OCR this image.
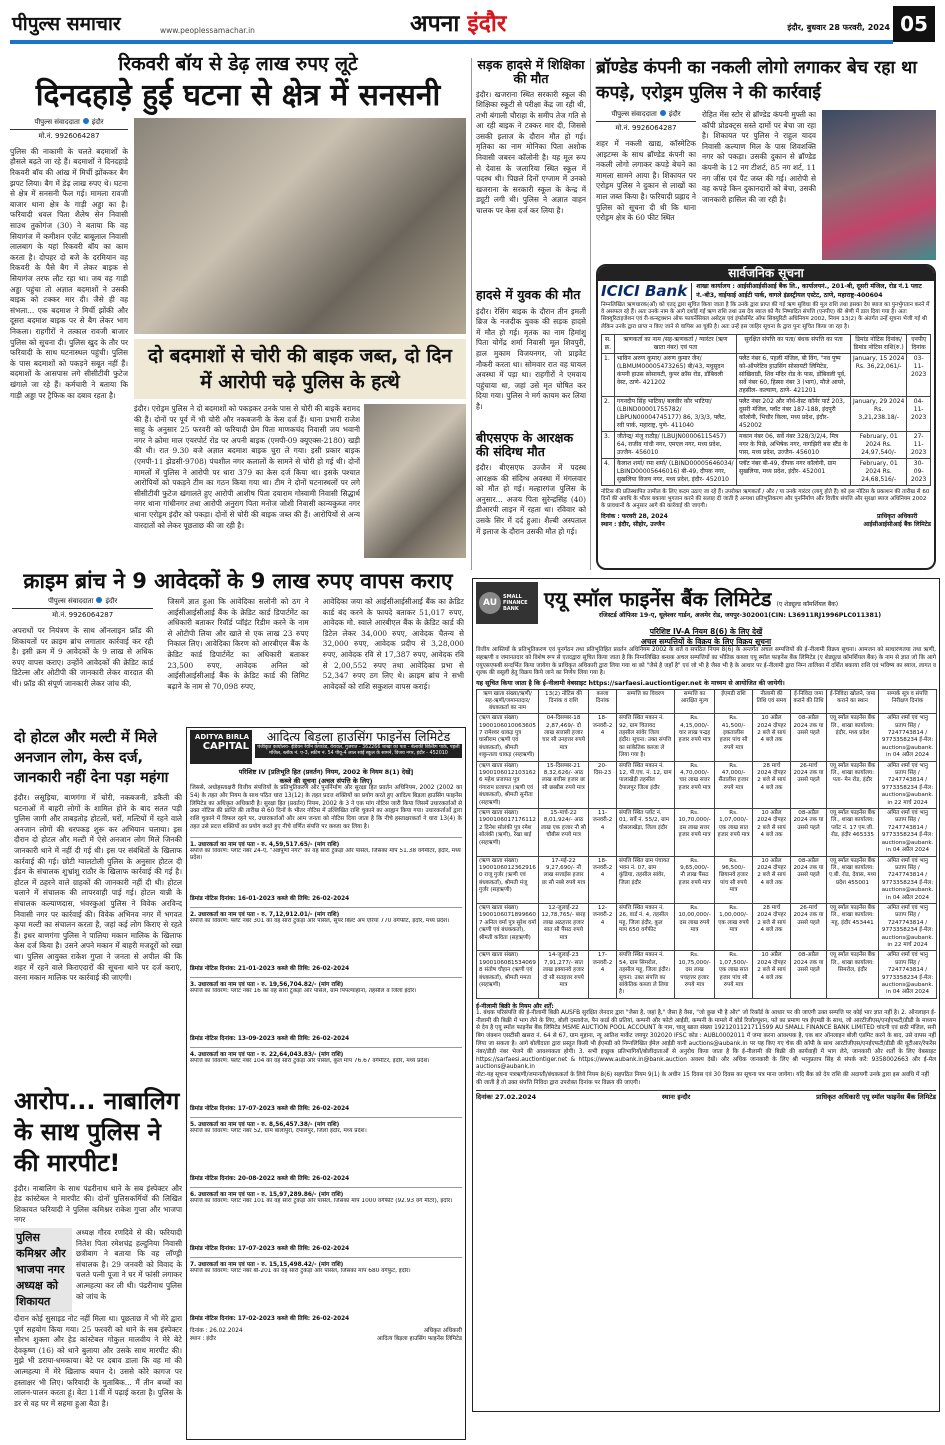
पीपुल्स समाचार	www.peoplessamachar.in	अपना इंदौर	इंदौर, बुधवार 28 फरवरी, 2024 05
रिकवरी बॉय से डेढ़ लाख रुपए लूटे
दिनदहाड़े हुई घटना से क्षेत्र में सनसनी
पीपुल्स संवाददाता इंदौर
मो.नं. 9926064287
पुलिस की नाकामी के चलते बदमाशों के हौसले बढ़ते जा रहे हैं। बदमाशों ने दिनदहाड़े रिकवरी बॉय की आंख में मिर्ची झोंककर बैग झपट लिया। बैग में डेढ़ लाख रुपए थे। घटना से क्षेत्र में सनसनी फैल गई। मामला रावजी बाजार थाना क्षेत्र के गाड़ी अड्डा का है। फरियादी धवल पिता शैलेष सेन निवासी साउथ तुकोगंज (30) ने बताया कि वह सियागंज में कमीशन एजेंट बाबूलाल निवासी लालबाग के यहां रिकवरी बॉय का काम करता है। दोपहर दो बजे के दरमियान वह रिकवरी के पैसे बैग में लेकर बाइक से सियागंज तरफ लौट रहा था। जब वह गाड़ी अड्डा पहुंचा तो अज्ञात बदमाशों ने उसकी बाइक को टक्कर मार दी। जैसे ही वह संभला... एक बदमाश ने मिर्ची झोंकी और दूसरा बदमाश बाइक पर से बैग लेकर भाग निकला। राहगीरों ने तत्काल रावजी बाजार पुलिस को सूचना दी। पुलिस खुद के तौर पर फरियादी के साथ घटनास्थल पहुंची। पुलिस के पास बदमाशों को पकड़ने सबूत नहीं हैं। बदमाशों के आसपास लगे सीसीटीवी फुटेज खंगाले जा रहे हैं। कर्मचारी ने बताया कि गाड़ी अड्डा पर ट्रैफिक का दबाव रहता है।
दो बदमाशों से चोरी की बाइक जब्त, दो दिन में आरोपी चढ़े पुलिस के हत्थे
इंदौर। एरोड्रम पुलिस ने दो बदमाशों को पकड़कर उनके पास से चोरी की बाइकें बरामद की हैं। दोनों पर पूर्व में भी चोरी और नकबजनी के केस दर्ज हैं। थाना प्रभारी राजेश साहू के अनुसार 25 फरवरी को फरियादी प्रेम पिता माणकचंद निवासी जय भवानी नगर ने क्रोमा माल एयरपोर्ट रोड पर अपनी बाइक (एमपी-09 क्यूएक्स-2180) खड़ी की थी। रात 9.30 बजे अज्ञात बदमाश बाइक चुरा ले गया। इसी प्रकार बाइक (एमपी-11 झेडसी-9708) पंचशील नगर कलालों के सामने से चोरी हो गई थी। दोनों मामलों में पुलिस ने आरोपी पर धारा 379 का केस दर्ज किया था। इसके पश्चात आरोपियों को पकड़ने टीम का गठन किया गया था। टीम ने दोनों घटनास्थलों पर लगे सीसीटीवी फुटेज खंगालते हुए आरोपी आशीष पिता दयाराम गोस्वामी निवासी सिद्धार्थ नगर थाना गांधीनगर तथा आरोपी अनुराग पिता मनोज जोशी निवासी कान्यकुब्ज नगर थाना एरोड्रम इंदौर को पकड़ा। दोनों से चोरी की बाइक जब्त की हैं। आरोपियों से अन्य वारदातों को लेकर पूछताछ की जा रही है।
सड़क हादसे में शिक्षिका की मौत
इंदौर। खजराना स्थित सरकारी स्कूल की शिक्षिका स्कूटी से परीक्षा केंद्र जा रही थी, तभी बंगाली चौराहा के समीप तेज गति से आ रही बाइक ने टक्कर मार दी, जिससे उसकी इलाज के दौरान मौत हो गई। मृतिका का नाम मोनिका पिता अशोक निवासी जबरन कॉलोनी है। यह मूल रूप से देवास के जलारिया स्थित स्कूल में पदस्थ थी। पिछले दिनों एग्जाम में उनको खजराना के सरकारी स्कूल के केन्द्र में ड्यूटी लगी थी। पुलिस ने अज्ञात वाहन चालक पर केस दर्ज कर लिया है।
हादसे में युवक की मौत
इंदौर। रेसिंग बाइक के दौरान तीन इमली ब्रिज के नजदीक युवक की सड़क हादसे में मौत हो गई। मृतक का नाम हिमांशु पिता योगेंद्र शर्मा निवासी मूल शिवपुरी, हाल मुकाम विजयनगर, जो प्राइवेट नौकरी करता था। सोमवार रात वह घायल अवस्था में पड़ा था। राहगीरों ने एमवाय पहुंचाया था, जहां उसे मृत घोषित कर दिया गया। पुलिस ने मर्ग कायम कर लिया है।
बीएसएफ के आरक्षक की संदिग्ध मौत
इंदौर। बीएसएफ उज्जैन में पदस्थ आरक्षक की संदिग्ध अवस्था में मंगलवार को मौत हो गई। मल्हारगंज पुलिस के अनुसार... अजय पिता सुरेन्द्रसिंह (40) डीआरपी लाइन में रहता था। रविवार को उसके सिर में दर्द हुआ। शैल्बी अस्पताल में इलाज के दौरान उसकी मौत हो गई।
ब्रॉण्डेड कंपनी का नकली लोगो लगाकर बेच रहा था कपड़े, एरोड्रम पुलिस ने की कार्रवाई
पीपुल्स संवाददाता इंदौर
मो.नं. 9926064287
शहर में नकली खाद्य, कॉस्मेटिक आइटम्स के साथ ब्रॉण्डेड कंपनी का नकली लोगो लगाकर कपड़े बेचने का मामला सामने आया है। शिकायत पर एरोड्रम पुलिस ने दुकान से लाखों का माल जब्त किया है। फरियादी प्रह्लाद ने पुलिस को सूचना दी थी कि थाना एरोड्रम क्षेत्र के 60 फीट स्थित
रोहित मेंस स्टोर से ब्रॉण्डेड कंपनी मुफ्ती का कॉपी प्रोडक्ट्स सस्ते दामों पर बेचा जा रहा है। शिकायत पर पुलिस ने राहुल यादव निवासी कल्याण मिल के पास शिवशक्ति नगर को पकड़ा। उसकी दुकान से ब्रॉण्डेड कंपनी के 12 नग टीशर्ट, 85 नग शर्ट, 11 नग जींस एवं पैंट जब्त की गई। आरोपी से वह कपड़े किन दुकानदारों को बेचा, उसकी जानकारी हासिल की जा रही है।
सार्वजनिक सूचना
ICICI Bank	शाखा कार्यालय : आईसीआईसीआई बैंक लि., कार्यालयनं., 201-बी, दूसरी मंजिल, रोड नं.1 प्लाट नं.-बी3, वाईफाई आईटी पार्क, वागले इंडस्ट्रीयल एस्टेट, ठाणे, महाराष्ट्र-400604
निम्नलिखित ऋणधारक(ओं) को एतद् द्वारा सूचित किया जाता है कि उनके द्वारा प्राप्त की गई ऋण सुविधा की मूल राशि तथा इसका देय ब्याज का पुनर्भुगतान करने में वे असफल रहे हैं। अतः उनके नाम के आगे दर्शाई गई ऋण राशि तथा उस देय ब्याज को गैर निष्पादित संपत्ति (एनपीए) की श्रेणी में डाल दिया गया है। अतः सिक्यूरिटाइजेशन एवं री-कन्स्ट्रक्शन ऑफ फायनेंसियल असेट्स एवं इंफोर्समेंट ऑफ सिक्यूरिटी अधिनियम 2002, नियम 13(2) के अंतर्गत उन्हें सूचना भेजी गई थी लेकिन उनके द्वारा प्राप्त न किए जाने से वापिस आ चुकी है। अतः उन्हें इस जाहिर सूचना के द्वारा पुनः सूचित किया जा रहा है।
स. क्र.	ऋणकर्ता का नाम /सह-ऋणकर्ता / ग्यारंटर (ऋण खाता नंबर) एवं पता	सुरक्षित संपत्ति का पता/ बंधक संपत्ति का पता	डिमांड नोटिस दिनांक/ डिमांड नोटिस राशि(रु.)	एनपीए दिनांक
1.	भाविन अरुण कुमार/ अरुण कुमार जैन/ (LBMUM00005473265) बी/43, मधुसूदन कंपनी हाउस सोसायटी, कुपर क्रॉस रोड, डोंबिवली वेस्ट, ठाणे- 421202	फ्लैट नंबर 6, पहली मंजिल, बी विंग, "नव पुष्प को-ऑपरेटिव हाउसिंग सोसायटी लिमिटेड, सांखिवाडी, शिव मंदिर रोड के पास, डोंबिवली पूर्व, सर्वे नंबर 60, हिस्सा नंबर 3 (भाग), मौजे आयरे, तहसील- कल्याण, ठाणे- 421201	January, 15 2024 Rs. 36,22,061/-	03-11-2023
2.	गगनदीप सिंह भाटिया/ बलवीर कौर भाटिया/ (LBIND00001755782/ LBPUN00004745177) 86, 3/3/3, फ्लैट, रवी पार्क, महाराष्ट्र, पुणे- 411040	फ्लैट नंबर 202 और नॉर्थ-वेस्ट कॉर्नर पार्ट 203, दूसरी मंजिल, प्लॉट नंबर 187-188, इंदपुरी कॉलोनी, भिचौर किला, मध्य प्रदेश, इंदौर- 452002	January, 29 2024 Rs. 3,21,238.18/-	04-11-2023
3.	जीतेन्द्र/ मंजु राठौड़/ (LBUJN00006115457) 64, राजीव गांधी नगर, एमएल नगर, मध्य प्रदेश, उज्जैन- 456010	मकान नंबर 06, सर्वे नंबर 328/3/2/4, मित्र नगर के पिछे, अभिषेक नगर, नागझिरी बस स्टैंड के पास, मध्य प्रदेश, उज्जैन- 456010	February, 01 2024 Rs. 24,97,540/-	27-11-2023
4.	कैलाश शर्मा/ रमा शर्मा/ (LBIND00005646034/ LBIND00005646016) बी-49, दीपक नगर, सुखलिया विजय नगर, मध्य प्रदेश, इंदौर- 452010	प्लॉट नंबर बी-49, दीपक नगर कॉलोनी, ग्राम सुखलिया, मध्य प्रदेश, इंदौर- 452001	February, 01 2024 Rs. 24,68,516/-	30-09-2023
नोटिस की प्रतिस्थापित तामील के लिए कदम उठाए जा रहे हैं। उपरोक्त ऋणकर्ता / और / या उनके गारंटर (लागू होते हैं) को इस नोटिस के प्रकाशन की तारीख से 60 दिनों की अवधि के भीतर बकाया भुगतान करने की सलाह दी जाती है अन्यथा प्रतिभूतिकरण और पुनर्निर्माण और वित्तीय संपत्ति और सुरक्षा ब्याज अधिनियम 2002 के प्रावधानों के अनुसार आगे की कार्रवाई की जाएगी।
दिनांक : फरवरी 28, 2024
स्थान : इंदौर, सीहोर, उज्जैन
प्राधिकृत अधिकारी
आईसीआईसीआई बैंक लिमिटेड
क्राइम ब्रांच ने 9 आवेदकों के 9 लाख रुपए वापस कराए
पीपुल्स संवाददाता इंदौर
मो.नं. 9926064287
अपराधों पर नियंत्रण के साथ ऑनलाइन फ्रॉड की शिकायतों पर क्राइम ब्रांच लगातार कार्रवाई कर रही है। इसी क्रम में 9 आवेदकों के 9 लाख से अधिक रुपए वापस कराए। उन्होंने आवेदकों की क्रेडिट कार्ड डिटेल्स और ओटीपी की जानकारी लेकर वारदात की थी। फ्रॉड की संपूर्ण जानकारी लेकर जांच की,
जिसमें ज्ञात हुआ कि आवेदिका सलोनी को ठग ने आईसीआईसीआई बैंक के क्रेडिट कार्ड डिपार्टमेंट का अधिकारी बताकर रिवॉर्ड प्वॉइंट रिडीम करने के नाम से ओटीपी लिया और खाते से एक लाख 23 रुपए निकाल लिए। आवेदिका किरण को आरबीएल बैंक के क्रेडिट कार्ड डिपार्टमेंट का अधिकारी बताकर 23,500 रुपए, आवेदक अनिल को आईसीआईसीआई बैंक के क्रेडिट कार्ड की लिमिट बढ़ाने के नाम से 70,098 रुपए,
आवेदिका जया को आईसीआईसीआई बैंक का क्रेडिट कार्ड बंद करने के फायदे बताकर 51,017 रुपए, आवेदक मो. स्वाले आरबीएल बैंक के क्रेडिट कार्ड की डिटेल लेकर 34,000 रुपए, आवेदक चैतन्य से 32,000 रुपए, आवेदक प्रदीप से 3,28,000 रुपए, आवेदक रवि से 17,387 रुपए, आवेदक रवि से 2,00,552 रुपए तथा आवेदिका प्रभा से 52,347 रुपए ठग लिए थे। क्राइम ब्रांच ने सभी आवेदकों को राशि सकुशल वापस कराई।
दो होटल और मल्टी में मिले अनजान लोग, केस दर्ज, जानकारी नहीं देना पड़ा महंगा
इंदौर। लसूड़िया, बाणगंगा में चोरी, नकबजनी, डकैती की घटनाओं में बाहरी लोगों के शामिल होने के बाद सतत पड़ी पुलिस जागी और ताबड़तोड़ होटलों, घरों, मल्टियों में रहने वाले अनजान लोगों की धरपकड़ शुरू कर अभियान चलाया। इस दौरान दो होटल और मल्टी में ऐसे अनजान लोग मिले जिनकी जानकारी थाने में नहीं दी गई थी। इस पर संबंधितों के खिलाफ कार्रवाई की गई। छोटी ग्वालटोली पुलिस के अनुसार होटल दी ईडन के संचालक शुभ्रांशु राठौर के खिलाफ कार्रवाई की गई है। होटल में ठहरने वाले ग्राहकों की जानकारी नहीं दी थी। होटल चलाने में संचालक की लापरवाही पाई गई। होटल यान्नी के संचालक कल्याणदास, भंवरकुआं पुलिस ने विवेक अरविन्द निवासी नगर पर कार्रवाई की। विवेक अभिनव नगर में भगवत कृपा मल्टी का संचालन करता है, जहां कई लोग किराए से रहते हैं। इधर बाणगंगा पुलिस ने पालिया मकान मालिक के खिलाफ केस दर्ज किया है। उसने अपने मकान में बाहरी मजदूरों को रखा था। पुलिस आयुक्त राकेश गुप्ता ने जनता से अपील की कि शहर में रहने वाले किराएदारों की सूचना थाने पर दर्ज कराएं, वरना मकान मालिक पर कार्रवाई की जाएगी।
आरोप... नाबालिग के साथ पुलिस ने की मारपीट!
इंदौर। नाबालिग के साथ पंढरीनाथ थाने के सब इंस्पेक्टर और हेड कांस्टेबल ने मारपीट की। दोनों पुलिसकर्मियों की लिखित शिकायत फरियादी ने पुलिस कमिश्नर राकेश गुप्ता और भाजपा नगर
पुलिस कमिश्नर और भाजपा नगर अध्यक्ष को शिकायत
अध्यक्ष गौरव रणदिवे से की। फरियादी नितेश पिता रमेशचंद्र हल्दुनिया निवासी छत्रीबाग ने बताया कि वह लॉण्ड्री संचालक है। 29 जनवरी को विवाद के चलते पत्नी पूजा ने घर में फांसी लगाकर आत्महत्या कर ली थी। पंढरीनाथ पुलिस को जांच के
दौरान कोई सुसाइड नोट नहीं मिला था। पूछताछ में भी मेरे द्वारा पूर्ण सहयोग किया गया। 25 फरवरी को थाने के सब इंस्पेक्टर सौरभ शुक्ला और हेड कांस्टेबल गोकुल मालवीय ने मेरे बेटे देवकृष्ण (16) को थाने बुलाया और उसके साथ मारपीट की। मुझे भी डराया-धमकाया। बेटे पर दबाव डाला कि वह मां की आत्महत्या में मेरे खिलाफ बयान दे। उससे कोरे कागज पर हस्ताक्षर भी लिए। फरियादी के मुताबिक... मैं तीन बच्चों का लालन-पालन करता हूं। बेटा 11वीं में पढ़ाई करता है। पुलिस के डर से वह घर में सहमा हुआ बैठा है।
ADITYA BIRLA
CAPITAL
आदित्य बिड़ला हाउसिंग फाइनेंस लिमिटेड
पंजीकृत कार्यालय- इंडियन रेयॉन कंपाउंड, वेरावल, गुजरात - 362266 शाखा का पता - बेलाकी बिल्डिंग पार्क, पहली मंजिल, ब्लॉक नं. ए-3, स्कीम नं. 54 पीयू-4 लाल सांई स्कूल के सामने, विजय नगर, इंदौर - 452010
परिशिष्ट IV [प्रतिभूति हित (प्रवर्तन) नियम, 2002 के नियम 8(1) देखें]
कब्जे की सूचना (अचल संपत्ति के लिए)
जिससे, अधोहस्ताक्षरी वित्तीय संपत्तियों के प्रतिभूतिकरण और पुनर्निर्माण और सुरक्षा हित प्रवर्तन अधिनियम, 2002 (2002 का 54) के तहत और नियम के साथ पठित धारा 13(12) के तहत प्रदत्त शक्तियों का प्रयोग करते हुए आदित्य बिड़ला हाउसिंग फाइनेंस लिमिटेड का अधिकृत अधिकारी है। सुरक्षा हित (प्रवर्तन) नियम, 2002 के 3 ने एक मांग नोटिस जारी किया जिसमें उधारकर्ताओं से उक्त नोटिस की प्राप्ति की तारीख से 60 दिनों के भीतर नोटिस में उल्लिखित राशि चुकाने का आह्वान किया गया। उधारकर्ताओं द्वारा राशि चुकाने में विफल रहने पर, उधारकर्ताओं और आम जनता को नोटिस दिया जाता है कि नीचे हस्ताक्षरकर्ता ने धारा 13(4) के तहत उसे प्रदत्त शक्तियों का प्रयोग करते हुए नीचे वर्णित संपत्ति पर कब्जा कर लिया है।
1. उधारकर्ता का नाम एवं पता - रु. 4,59,517.65/- (मांग राशि)
संपत्ति का विवरण: प्लॉट नंबर 24-ए, "अन्नपूर्णा नगर" का वह सारा टुकड़ा और पार्सल, जिसका माप 51.38 वर्गमीटर, इंदौर, मध्य प्रदेश।
डिमांड नोटिस दिनांक: 16-01-2023 कब्जे की तिथि: 26-02-2024
2. उधारकर्ता का नाम एवं पता - रु. 7,12,912.01/- (मांग राशि)
संपत्ति का विवरण: फ्लैट नंबर 301 का वह सारा टुकड़ा और पार्सल, सुपर बिल्ट अप एरिया 770 वर्गफीट, इंदौर, मध्य प्रदेश।
डिमांड नोटिस दिनांक: 21-01-2023 कब्जे की तिथि: 26-02-2024
3. उधारकर्ता का नाम एवं पता - रु. 19,56,704.82/- (मांग राशि)
संपत्ति का विवरण: प्लॉट नंबर 16 का वह सारा टुकड़ा और पार्सल, ग्राम पिपल्याहाना, तहसील व जिला इंदौर।
डिमांड नोटिस दिनांक: 13-09-2023 कब्जे की तिथि: 26-02-2024
4. उधारकर्ता का नाम एवं पता - रु. 22,64,043.83/- (मांग राशि)
संपत्ति का विवरण: फ्लैट नंबर 104 का वह सारा टुकड़ा और पार्सल, कुल माप 76.67 वर्गमीटर, इंदौर, मध्य प्रदेश।
डिमांड नोटिस दिनांक: 17-07-2023 कब्जे की तिथि: 26-02-2024
5. उधारकर्ता का नाम एवं पता - रु. 8,56,457.38/- (मांग राशि)
संपत्ति का विवरण: प्लॉट नंबर 52, ग्राम बालापुरा, देपालपुर, जिला इंदौर, मध्य प्रदेश।
डिमांड नोटिस दिनांक: 20-08-2022 कब्जे की तिथि: 26-02-2024
6. उधारकर्ता का नाम एवं पता - रु. 15,97,289.86/- (मांग राशि)
संपत्ति का विवरण: प्लॉट नंबर 101 का वह सारा टुकड़ा और पार्सल, जिसका माप 1000 वर्गफीट (92.93 वर्ग मीटर), इंदौर।
डिमांड नोटिस दिनांक: 17-07-2023 कब्जे की तिथि: 26-02-2024
7. उधारकर्ता का नाम एवं पता - रु. 15,15,498.42/- (मांग राशि)
संपत्ति का विवरण: प्लॉट नंबर बी-201 का वह सारा टुकड़ा और पार्सल, जिसका माप 680 वर्गफुट, इंदौर।
डिमांड नोटिस दिनांक: 17-02-2023 कब्जे की तिथि: 26-02-2024
दिनांक : 26.02.2024
स्थान : इंदौर
अधिकृत अधिकारी
आदित्य बिड़ला हाउसिंग फाइनेंस लिमिटेड
AU
SMALL FINANCE BANK	एयू स्मॉल फाइनेंस बैंक लिमिटेड (ए शेड्यूल्ड कॉमर्शियल बैंक)
रजिस्टर्ड ऑफिसः 19-ए, धूलेश्वर गार्डन, अजमेर रोड, जयपुर-302001(CIN: L36911RJ1996PLC011381)
परिशिष्ट IV-A नियम 8(6) के लिए देखें
अचल सम्पत्तियों के विक्रय के लिए विक्रय सूचना
वित्तीय आस्तियों के प्रतिभूतिकरण एवं पुनर्गठन तथा प्रतिभूतिहित प्रवर्तन अधिनियम 2002 के शर्त व सपठित नियम 8(6) के अन्तर्गत अचल सम्पत्तियों की ई-नीलामी विक्रय सूचना। आमजन को साधारणतया तथा ऋणी, सहऋणी व जमानतदार को विशेष रूप से एतदद्वारा सूचित किया जाता है कि निम्नलिखित बन्धक अचल सम्पत्तियों का भौतिक कब्जा एयू स्मॉल फाइनेंस बैंक लिमिटेड (ए शेड्यूल्ड कॉमर्शियल बैंक) के नाम से ज्ञात जो कि आगे एयूएसएफबी सन्दर्भित किया जायेगा के प्राधिकृत अधिकारी द्वारा लिया गया था को "जैसे है जहाँ है" एवं जो भी है जैसा भी है के आधार पर ई-नीलामी द्वारा निम्न तालिका में दर्शित बकाया राशि एवं भविष्य का ब्याज, लागत व शुल्क की वसूली हेतु विक्रय किये जाने का निर्णय लिया गया है।
यह सूचित किया जाता है कि ई-नीलामी वेबसाइट https://sarfaesi.auctiontiger.net के माध्यम से आयोजित की जायेगी।
ऋण खाता संख्या/ऋणी/ सह-ऋणी/जमानतदार/ बंधककर्ता का नाम	13(2) नोटिस की दिनांक व राशि	कब्जा दिनांक	सम्पत्ति का विवरण	सम्पत्ति का आरक्षित मूल्य	ईएमडी राशि	नीलामी की तिथि एवं समय	ई-निविदा जमा कराने की तिथि	ई-निविदा खोलने, जमा कराने का स्थान	सम्पर्क सूत्र व संपत्ति निरीक्षण दिनांक
(ऋण खाता संख्या) 19001060100636057 रामेश्वर धाकड़ पुत्र घासीराम (ऋणी एवं बंधककर्ता), श्रीमती शकुन्तला धाकड़ (सहऋणी)	04-दिसम्बर-18 2,87,469/- दो लाख सत्तासी हजार चार सौ उनहत्तर रुपये मात्र	18-जनवरी-24	संपत्ति स्थित मकान नं. 92, ग्राम चितावद तहसील सांवेर जिला इंदौर। सूचना: उक्त संपत्ति का सांकेतिक कब्जा ले लिया गया है।	Rs. 4,15,000/- चार लाख पन्द्रह हजार रुपये मात्र	Rs. 41,500/- इकतालीस हजार पांच सौ रुपये मात्र	10 अप्रैल 2024 दोपहर 2 बजे से सायं 4 बजे तक	08-अप्रैल 2024 तक या उससे पहले	एयू स्मॉल फाइनेंस बैंक लि., शाखा कार्यालय: इंदौर, मध्य प्रदेश	अमित शर्मा एवं भानु प्रताप सिंह / 7247743814 / 9773358234 ई-मेल: auctions@aubank.in 04 अप्रैल 2024
(ऋण खाता संख्या) 19001060121031626 महेश प्रजापत पुत्र गंगाराम प्रजापत (ऋणी एवं बंधककर्ता), श्रीमती सुनीता (सहऋणी)	15-दिसम्बर-21 8,32,626/- आठ लाख बत्तीस हजार छः सौ छब्बीस रुपये मात्र	20-दिस-23	संपत्ति स्थित मकान नं. 12, पी.एच. नं. 12, ग्राम पालाखेड़ी तहसील देपालपुर जिला इंदौर	Rs. 4,70,000/- चार लाख सत्तर हजार रुपये मात्र	Rs. 47,000/- सैंतालीस हजार रुपये मात्र	28 मार्च 2024 दोपहर 2 बजे से सायं 4 बजे तक	26-मार्च 2024 तक या उससे पहले	एयू स्मॉल फाइनेंस बैंक लि., शाखा कार्यालय: पता- मेन रोड, इंदौर	अमित शर्मा एवं भानु प्रताप सिंह / 7247743814 / 9773358234 ई-मेल: auctions@aubank.in 22 मार्च 2024
(ऋण खाता संख्या) 19001060171761122 दिनेश सोलंकी पुत्र रमेश सोलंकी (ऋणी), रेखा बाई (सहऋणी)	15-मार्च-22 8,01,924/- आठ लाख एक हजार नौ सौ चौबीस रुपये मात्र	11-जनवरी-24	संपत्ति स्थित प्लॉट नं. 01, सर्वे नं. 55/2, ग्राम घोसलाखेड़ा, जिला इंदौर	Rs. 10,70,000/- दस लाख सत्तर हजार रुपये मात्र	Rs. 1,07,000/- एक लाख सात हजार रुपये मात्र	10 अप्रैल 2024 दोपहर 2 बजे से सायं 4 बजे तक	08-अप्रैल 2024 तक या उससे पहले	एयू स्मॉल फाइनेंस बैंक लि., शाखा कार्यालय: प्लॉट नं. 17 एम.जी. रोड, इंदौर 465335	अमित शर्मा एवं भानु प्रताप सिंह / 7247743814 / 9773358234 ई-मेल: auctions@aubank.in 04 अप्रैल 2024
(ऋण खाता संख्या) 19001060123629160 राजू गुर्जर (ऋणी एवं बंधककर्ता), श्रीमती मंजू गुर्जर (सहऋणी)	17-मई-22 9,27,690/- नौ लाख सत्ताईस हजार छः सौ नब्बे रुपये मात्र	18-जनवरी-24	संपत्ति स्थित ग्राम पंचायत भवन नं. 07, ग्राम कुंडिया, तहसील सांवेर, जिला इंदौर	Rs. 9,65,000/- नौ लाख पैंसठ हजार रुपये मात्र	Rs. 96,500/- छियानवे हजार पांच सौ रुपये मात्र	10 अप्रैल 2024 दोपहर 2 बजे से सायं 4 बजे तक	08-अप्रैल 2024 तक या उससे पहले	एयू स्मॉल फाइनेंस बैंक लि., शाखा कार्यालय: ए.बी. रोड, देवास, मध्य प्रदेश 455001	अमित शर्मा एवं भानु प्रताप सिंह / 7247743814 / 9773358234 ई-मेल: auctions@aubank.in 04 अप्रैल 2024
(ऋण खाता संख्या) 19001060718996607 अनिल वर्मा पुत्र सुरेश वर्मा (ऋणी एवं बंधककर्ता), श्रीमती कविता (सहऋणी)	12-जुलाई-22 12,78,765/- बारह लाख अठहत्तर हजार सात सौ पैंसठ रुपये मात्र	12-जनवरी-24	संपत्ति स्थित मकान नं. 26, वार्ड नं. 4, तहसील महू, जिला इंदौर, कुल माप 650 वर्गफीट	Rs. 10,00,000/- दस लाख रुपये मात्र	Rs. 1,00,000/- एक लाख रुपये मात्र	28 मार्च 2024 दोपहर 2 बजे से सायं 4 बजे तक	26-मार्च 2024 तक या उससे पहले	एयू स्मॉल फाइनेंस बैंक लि., शाखा कार्यालय: महू, इंदौर 453441	अमित शर्मा एवं भानु प्रताप सिंह / 7247743814 / 9773358234 ई-मेल: auctions@aubank.in 22 मार्च 2024
(ऋण खाता संख्या) 19001060815340698 संतोष चौहान (ऋणी एवं बंधककर्ता), श्रीमती ममता (सहऋणी)	14-जुलाई-23 7,91,277/- सात लाख इक्यानवे हजार दो सौ सतहत्तर रुपये मात्र	17-जनवरी-24	संपत्ति स्थित मकान नं. 54, ग्राम सिमरोल, तहसील महू, जिला इंदौर। सूचना: उक्त संपत्ति का सांकेतिक कब्जा ले लिया है।	Rs. 10,75,000/- दस लाख पचहत्तर हजार रुपये मात्र	Rs. 1,07,500/- एक लाख सात हजार पांच सौ रुपये मात्र	10 अप्रैल 2024 दोपहर 2 बजे से सायं 4 बजे तक	08-अप्रैल 2024 तक या उससे पहले	एयू स्मॉल फाइनेंस बैंक लि., शाखा कार्यालय: सिमरोल, इंदौर	अमित शर्मा एवं भानु प्रताप सिंह / 7247743814 / 9773358234 ई-मेल: auctions@aubank.in 04 अप्रैल 2024
ई-नीलामी बिक्री के नियम और शर्तें:
1. बंधक परिसंपत्ति की ई-नीलामी बिक्री AUSFB सुरक्षित लेनदार द्वारा "जैसा है, जहां है," जैसा है वैसा, "जो कुछ भी है और" जो रिकॉर्ड के आधार पर की जाएगी उक्त सम्पत्ति पर कोई भार ज्ञात नहीं है। 2. ऑनलाइन ई-नीलामी की बिक्री में भाग लेने के लिए, बोली दस्तावेज, पैन कार्ड की प्रतियां, कम्पनी और फोटो आईडी, कम्पनी के मामले में बोर्ड रिजोल्यूशन, पते का प्रमाण पत्र ईएमडी के साथ, जो आरटीजीएस/एनईएफटी/डीडी के माध्यम से देय है एयू स्मॉल फाइनेंस बैंक लिमिटेड MSME AUCTION POOL ACCOUNT के नाम, चालू खाता संख्या 1921201121711599 AU SMALL FINANCE BANK LIMITED चांदनी एवं छठी मंजिल, सनी बिग जंक्शन एसटीसी खसरा नं. 64 से 67, ग्राम मुहाना, न्यू आतिश मार्केट जयपुर 302020 IFSC कोड : AUBL0002011 में जमा करना आवश्यक है, एक बार ऑनलाइन बोली एडमिट करने के बाद, उसे वापस नहीं लिया जा सकता है। आगे बोलीदाता द्वारा प्रस्तुत किसी भी ईएमडी को निम्नलिखित ईमेल आईडी यानी auctions@aubank.in पर यह किए गए चेक की कॉपी के साथ आरटीजीएस/एनईएफटी/डीडी की यूटीआर/रेफरेंस नंबर/डीडी नंबर भेजने की आवश्यकता होगी। 3. सभी इच्छुक प्रतिभागियों/बोलीदाताओं से अनुरोध किया जाता है कि ई-नीलामी की बिक्री की कार्यवाही में भाग लेने, जानकारी और शर्तों के लिए वेबसाइट https://sarfaesi.auctiontiger.net & https://www.aubank.in@bank.auction अवश्य देखें। और अधिक जानकारी के लिए श्री भानुप्रताप सिंह से संपर्क करें: 9358002663 और ई-मेल auctions@aubank.in
नोटः-यह सूचना पत्रऋणी/जमानती/बंधककर्ता के लिये नियम 8(6) सहपठित नियम 9(1) के अधीन 15 दिवस एवं 30 दिवस का सूचना पत्र माना जायेगा। यदि बैंक को देय राशि की अदायगी उनके द्वारा इस अवधि में नहीं की जाती है तो उक्त संपत्ति निविदा द्वारा उपरोक्त दिनांक पर विक्रय की जाएगी।
दिनांकः 27.02.2024	स्थानः इन्दौर	प्राधिकृत अधिकारी एयू स्मॉल फाइनेंस बैंक लिमिटेड
